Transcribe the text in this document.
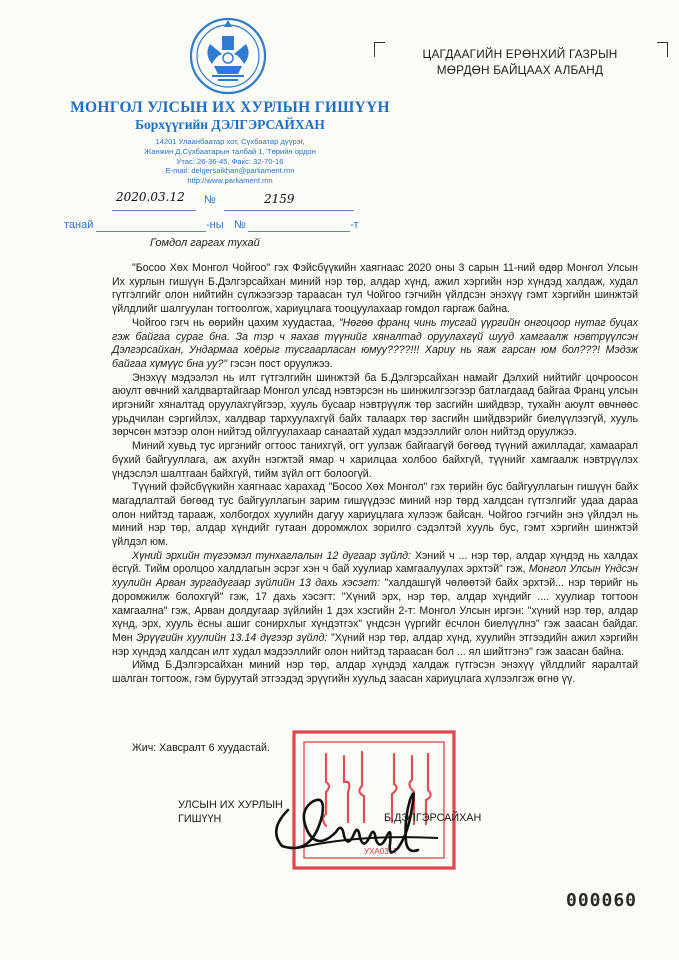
МОНГОЛ УЛСЫН ИХ ХУРЛЫН ГИШҮҮН
Борхүүгийн ДЭЛГЭРСАЙХАН
14201 Улаанбаатар хот, Сүхбаатар дүүрэг,
Жанжин Д.Сүхбаатарын талбай 1, Төрийн ордон
Утас: 26-36-45, Факс: 32-70-16
E-mail: delgersaikhan@parliament.mn
http://www.parliament.mn
ЦАГДААГИЙН ЕРӨНХИЙ ГАЗРЫН
МӨРДӨН БАЙЦААХ АЛБАНД
2020.03.12 №	2159
танай	-ны №	-т
Гомдол гаргах тухай

"Босоо Хөх Монгол Чойгоо" гэх Фэйсбүүкийн хаягнаас 2020 оны 3 сарын 11-ний өдөр Монгол Улсын Их хурлын гишүүн Б.Дэлгэрсайхан миний нэр төр, алдар хүнд, ажил хэргийн нэр хүндэд халдаж, худал гүтгэлгийг олон нийтийн сүлжээгээр тараасан тул Чойгоо гэгчийн үйлдсэн энэхүү гэмт хэргийн шинжтэй үйлдлийг шалгуулан тогтоолгож, хариуцлага тооцуулахаар гомдол гаргаж байна.

Чойгоо гэгч нь өөрийн цахим хуудастаа, "Нөгөө франц чинь тусгай үүргийн онгоцоор нутаг буцах гэж байгаа сураг бна. За тэр ч яахав түүнийг хяналтад оруулахгүй шууд хамгаалж нэвтрүүлсэн Дэлгэрсайхан, Ундармаа хоёрыг тусгаарласан юмуу????!!! Хариу нь яаж гарсан юм бол???! Мэдэж байгаа хүмүүс бна уу?" гэсэн пост оруулжээ.

Энэхүү мэдээлэл нь илт гүтгэлгийн шинжтэй ба Б.Дэлгэрсайхан намайг Дэлхий нийтийг цочроосон аюулт өвчний халдвартайгаар Монгол улсад нэвтэрсэн нь шинжилгээгээр батлагдаад байгаа Франц улсын иргэнийг хяналтад оруулахгүйгээр, хууль бусаар нэвтрүүлж төр засгийн шийдвэр, тухайн аюулт өвчнөөс урьдчилан сэргийлэх, халдвар тархуулахгүй байх талаарх төр засгийн шийдвэрийг биелүүлээгүй, хууль зөрчсөн мэтээр олон нийтэд ойлгуулахаар санаатай худал мэдээллийг олон нийтэд оруулжээ.

Миний хувьд тус иргэнийг огтоос танихгүй, огт уулзаж байгаагүй бөгөөд түүний ажилладаг, хамаарал бүхий байгууллага, аж ахуйн нэгжтэй ямар ч харилцаа холбоо байхгүй, түүнийг хамгаалж нэвтрүүлэх үндэслэл шалтгаан байхгүй, тийм зүйл огт болоогүй.

Түүний фэйсбүүкийн хаягнаас харахад "Босоо Хөх Монгол" гэх төрийн бус байгууллагын гишүүн байх магадлалтай бөгөөд тус байгууллагын зарим гишүүдээс миний нэр төрд халдсан гүтгэлгийг удаа дараа олон нийтэд тарааж, холбогдох хуулийн дагуу хариуцлага хүлээж байсан. Чойгоо гэгчийн энэ үйлдэл нь миний нэр төр, алдар хүндийг гутаан доромжлох зорилго сэдэлтэй хууль бус, гэмт хэргийн шинжтэй үйлдэл юм.

Хүний эрхийн түгээмэл тунхаглалын 12 дугаар зүйлд: Хэний ч ... нэр төр, алдар хүндэд нь халдах ёсгүй. Тийм оролцоо халдлагын эсрэг хэн ч бай хуулиар хамгаалуулах эрхтэй" гэж, Монгол Улсын Үндсэн хуулийн Арван зургадугаар зүйлийн 13 дахь хэсэгт: "халдашгүй чөлөөтэй байх эрхтэй... нэр төрийг нь доромжилж болохгүй" гэж, 17 дахь хэсэгт: "Хүний эрх, нэр төр, алдар хүндийг .... хуулиар тогтоон хамгаална" гэж, Арван долдугаар зүйлийн 1 дэх хэсгийн 2-т: Монгол Улсын иргэн: "хүний нэр төр, алдар хүнд, эрх, хууль ёсны ашиг сонирхлыг хүндэтгэх" үндсэн үүргийг ёсчлон биелүүлнэ" гэж заасан байдаг. Мөн Эрүүгийн хуулийн 13.14 дүгээр зүйлд: "Хүний нэр төр, алдар хүнд, хуулийн этгээдийн ажил хэргийн нэр хүндэд халдсан илт худал мэдээллийг олон нийтэд тараасан бол ... ял шийтгэнэ" гэж заасан байна.

Иймд Б.Дэлгэрсайхан миний нэр төр, алдар хүндэд халдаж гүтгэсэн энэхүү үйлдлийг яаралтай шалган тогтоож, гэм буруутай этгээдэд эрүүгийн хуульд заасан хариуцлага хүлээлгэж өгнө үү.

Жич: Хавсралт 6 хуудастай.
УХА0317
УЛСЫН ИХ ХУРЛЫН
ГИШҮҮН	Б.ДЭЛГЭРСАЙХАН
000060
